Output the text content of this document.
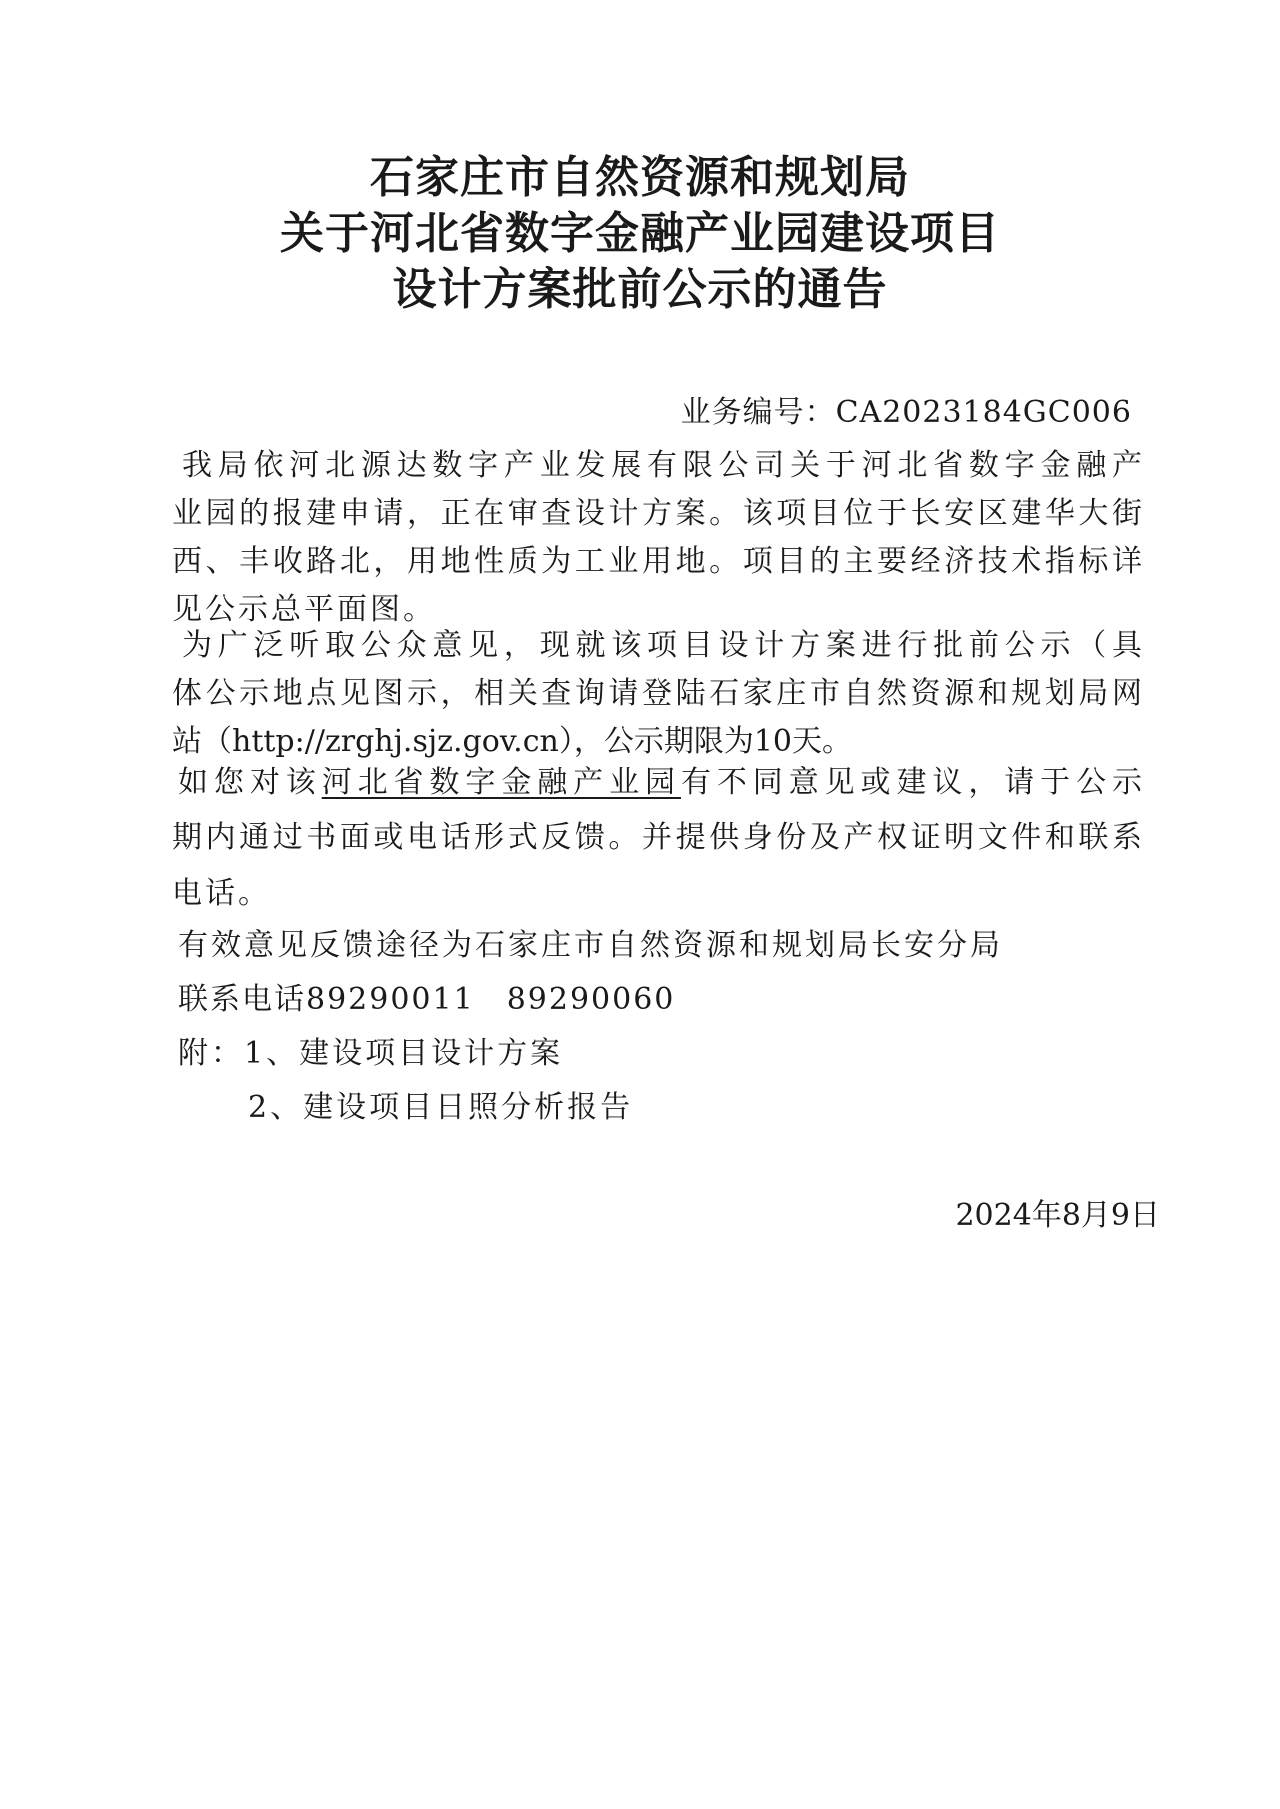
石家庄市自然资源和规划局
关于河北省数字金融产业园建设项目
设计方案批前公示的通告
业务编号：CA2023184GC006
我局依河北源达数字产业发展有限公司关于河北省数字金融产
业园的报建申请，正在审查设计方案。该项目位于长安区建华大街
西、丰收路北，用地性质为工业用地。项目的主要经济技术指标详
见公示总平面图。
为广泛听取公众意见，现就该项目设计方案进行批前公示（具
体公示地点见图示，相关查询请登陆石家庄市自然资源和规划局网
站（http://zrghj.sjz.gov.cn），公示期限为10天。
如您对该河北省数字金融产业园有不同意见或建议，请于公示
期内通过书面或电话形式反馈。并提供身份及产权证明文件和联系
电话。
有效意见反馈途径为石家庄市自然资源和规划局长安分局
联系电话89290011　89290060
附：1、建设项目设计方案
2、建设项目日照分析报告
2024年8月9日
